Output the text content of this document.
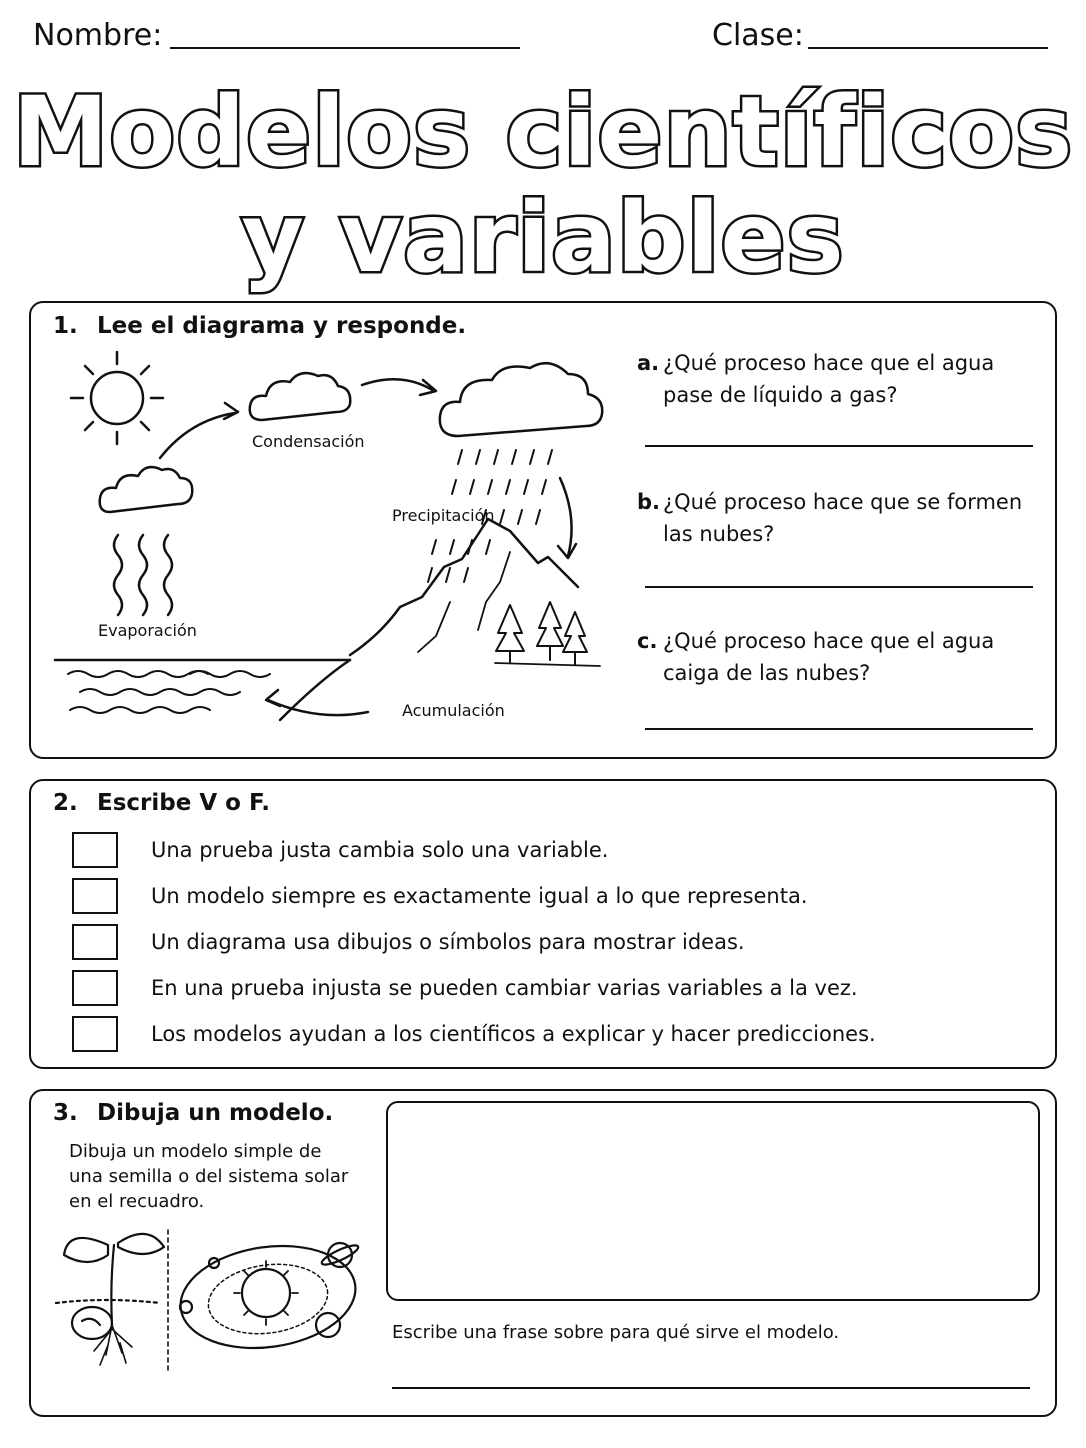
Nombre:	Clase:
Modelos científicos
y variables
1. Lee el diagrama y responde.
Condensación
Precipitación
Evaporación
Acumulación
a. ¿Qué proceso hace que el agua
pase de líquido a gas?
b. ¿Qué proceso hace que se formen
las nubes?
c. ¿Qué proceso hace que el agua
caiga de las nubes?
2. Escribe V o F.
Una prueba justa cambia solo una variable.
Un modelo siempre es exactamente igual a lo que representa.
Un diagrama usa dibujos o símbolos para mostrar ideas.
En una prueba injusta se pueden cambiar varias variables a la vez.
Los modelos ayudan a los científicos a explicar y hacer predicciones.
3. Dibuja un modelo.
Dibuja un modelo simple de
una semilla o del sistema solar
en el recuadro.
Escribe una frase sobre para qué sirve el modelo.
